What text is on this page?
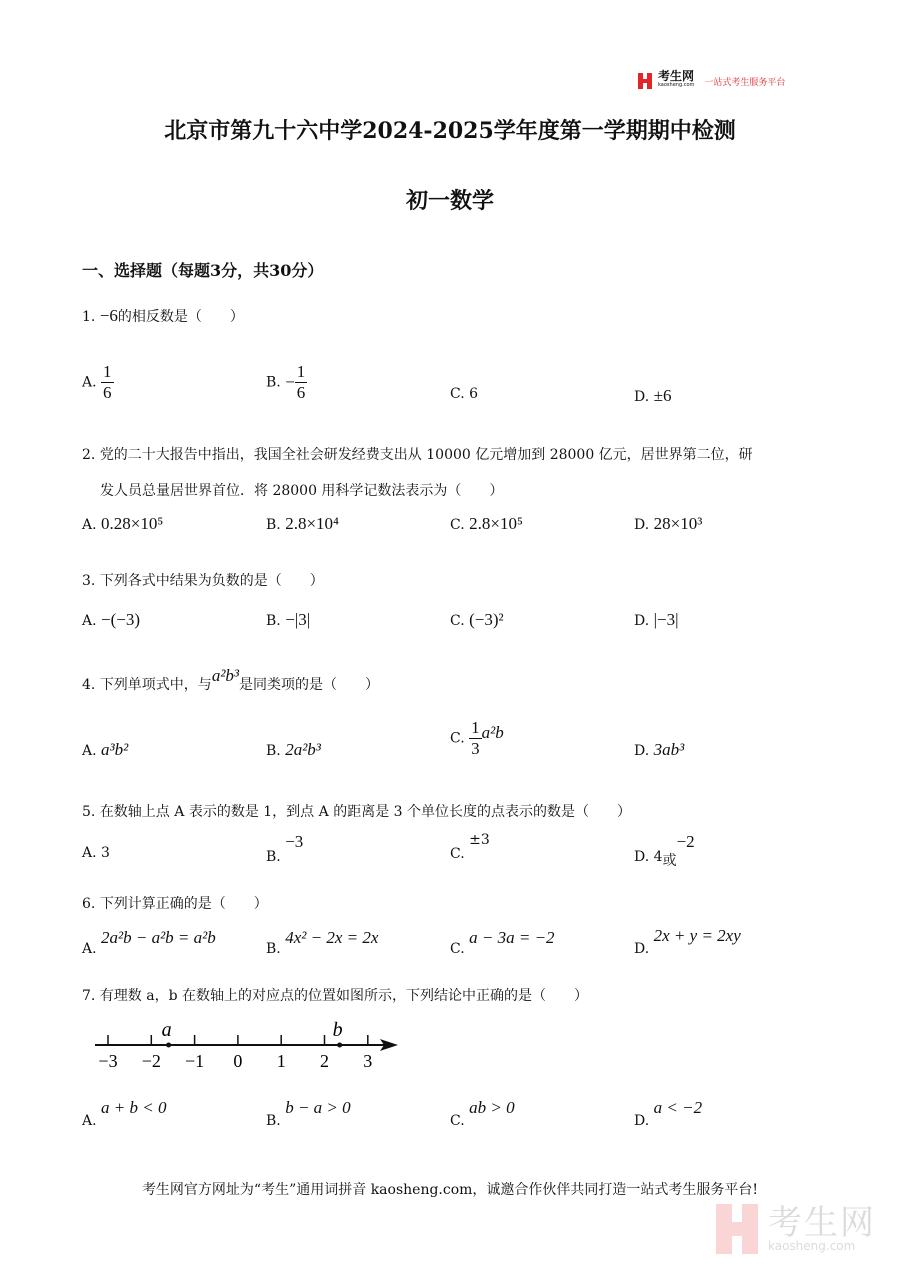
考生网
kaosheng.com 一站式考生服务平台
北京市第九十六中学2024-2025学年度第一学期期中检测
初一数学
一、选择题（每题3分，共30分）
1. −6的相反数是（　　）
A. $\frac{1}{6}$	B. − $\frac{1}{6}$	C. 6	D. ±6
2. 党的二十大报告中指出，我国全社会研发经费支出从 10000 亿元增加到 28000 亿元，居世界第二位，研
发人员总量居世界首位．将 28000 用科学记数法表示为（　　）
A. 0.28×10⁵	B. 2.8×10⁴	C. 2.8×10⁵	D. 28×10³
3. 下列各式中结果为负数的是（　　）
A. −(−3)	B. −|3|	C. (−3)²	D. |−3|
4. 下列单项式中，与a²b³是同类项的是（　　）
A. a³b²	B. 2a²b³
C. $\frac{1}{3} a^2b$
D. 3ab³
5. 在数轴上点 A 表示的数是 1，到点 A 的距离是 3 个单位长度的点表示的数是（　　）
A. 3	B. −3
C. ±3
D. 4或−2
6. 下列计算正确的是（　　）
A. 2a²b − a²b = a²b
B. 4x² − 2x = 2x
C. a − 3a = −2
D. 2x + y = 2xy
7. 有理数 a，b 在数轴上的对应点的位置如图所示，下列结论中正确的是（　　）
−3 −2 −1 0 1 2 3
a	b
A. a + b < 0
B. b − a > 0
C. ab > 0
D. a < −2
考生网官方网址为“考生”通用词拼音 kaosheng.com，诚邀合作伙伴共同打造一站式考生服务平台!
考生网
kaosheng.com
